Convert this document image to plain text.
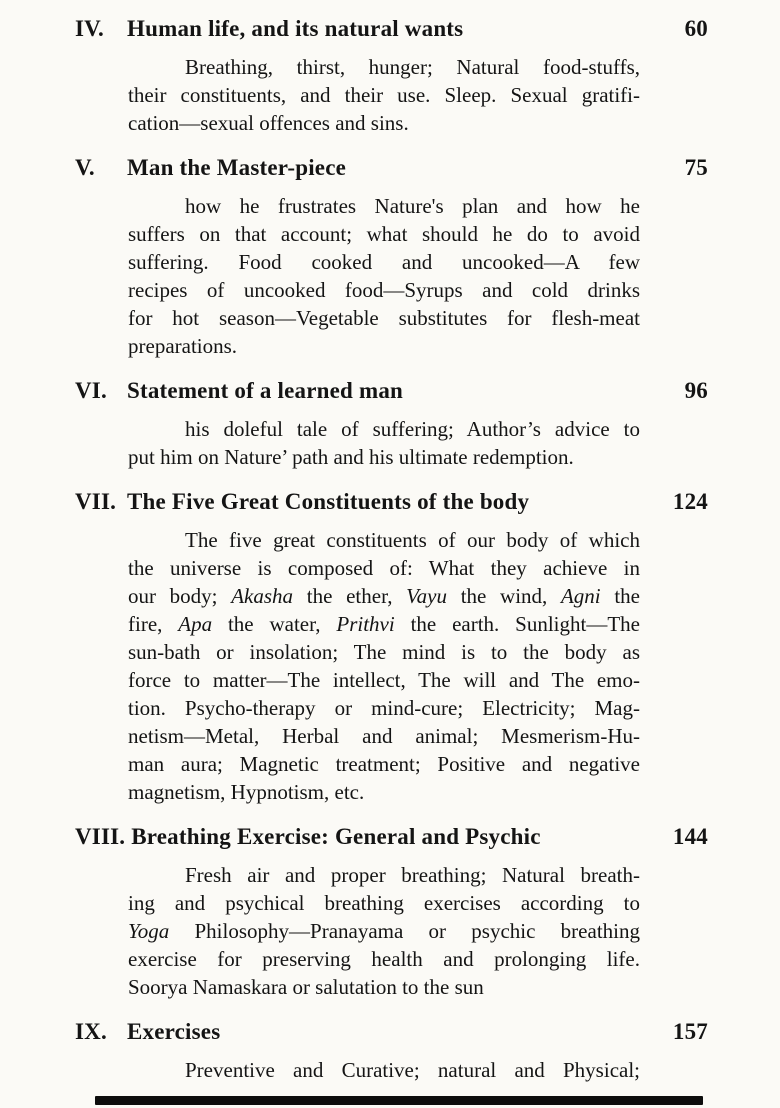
IV.	Human life, and its natural wants	60
Breathing, thirst, hunger; Natural food-stuffs,
their constituents, and their use. Sleep. Sexual gratifi-
cation—sexual offences and sins.
V.	Man the Master-piece	75
how he frustrates Nature's plan and how he
suffers on that account; what should he do to avoid
suffering. Food cooked and uncooked—A few
recipes of uncooked food—Syrups and cold drinks
for hot season—Vegetable substitutes for flesh-meat
preparations.
VI. Statement of a learned man	96
his doleful tale of suffering; Author’s advice to
put him on Nature’ path and his ultimate redemption.
VII. The Five Great Constituents of the body	124
The five great constituents of our body of which
the universe is composed of: What they achieve in
our body; Akasha the ether, Vayu the wind, Agni the
fire, Apa the water, Prithvi the earth. Sunlight—The
sun-bath or insolation; The mind is to the body as
force to matter—The intellect, The will and The emo-
tion. Psycho-therapy or mind-cure; Electricity; Mag-
netism—Metal, Herbal and animal; Mesmerism-Hu-
man aura; Magnetic treatment; Positive and negative
magnetism, Hypnotism, etc.
VIII. Breathing Exercise: General and Psychic	144
Fresh air and proper breathing; Natural breath-
ing and psychical breathing exercises according to
Yoga Philosophy—Pranayama or psychic breathing
exercise for preserving health and prolonging life.
Soorya Namaskara or salutation to the sun
IX. Exercises	157
Preventive and Curative; natural and Physical;
